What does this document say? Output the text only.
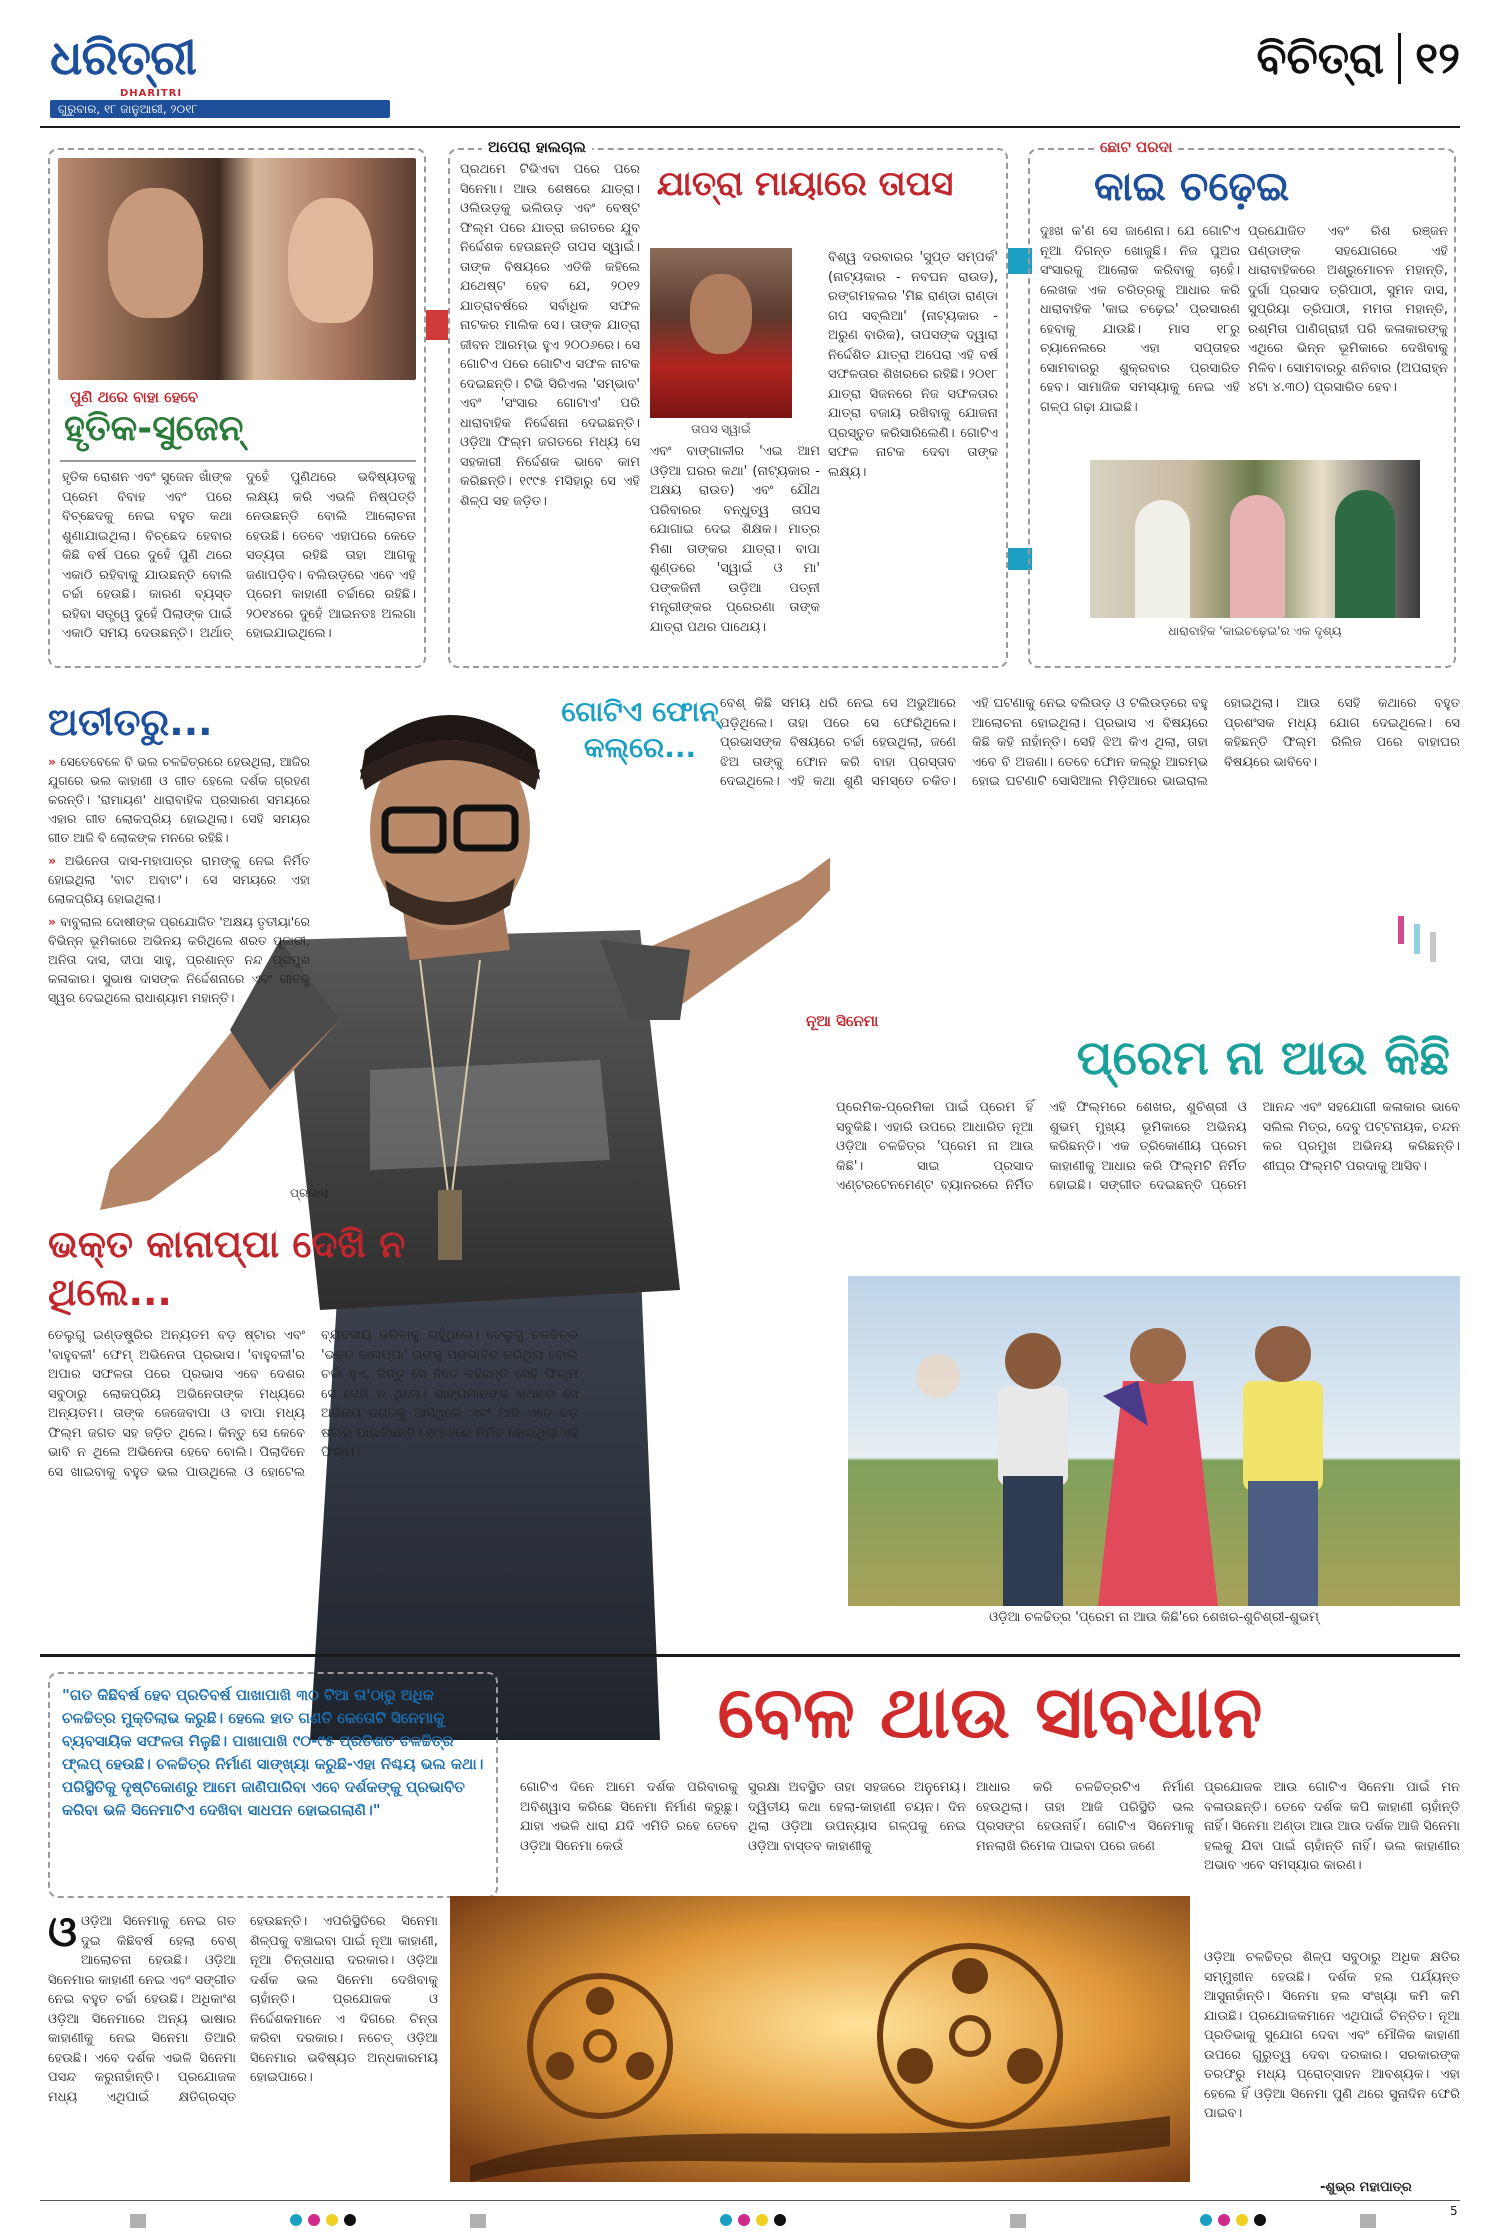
ଧରିତ୍ରୀ
DHARITRI
ଗୁରୁବାର, ୧୮ ଜାନୁଆରୀ, ୨୦୧୮
ବିଚିତ୍ରା ୧୨
ପୁଣି ଥରେ ବାହା ହେବେ
ହୃତିକ-ସୁଜେନ୍
ହୃତିକ ରୋଶନ ଏବଂ ସୁଜେନ ଖାଁଙ୍କ ପ୍ରେମ ବିବାହ ଏବଂ ପରେ ବିଚ୍ଛେଦକୁ ନେଇ ବହୁତ କଥା ଶୁଣାଯାଇଥିଲା। ବିଚ୍ଛେଦ ହେବାର କିଛି ବର୍ଷ ପରେ ଦୁହେଁ ପୁଣି ଥରେ ଏକାଠି ରହିବାକୁ ଯାଉଛନ୍ତି ବୋଲି ଚର୍ଚ୍ଚା ହେଉଛି। କାରଣ ବ୍ୟସ୍ତ ରହିବା ସତ୍ତ୍ୱେ ଦୁହେଁ ପିଲାଙ୍କ ପାଇଁ ଏକାଠି ସମୟ ଦେଉଛନ୍ତି। ଅର୍ଥାତ୍ ଦୁହେଁ ପୁଣିଥରେ ଭବିଷ୍ୟତକୁ ଲକ୍ଷ୍ୟ କରି ଏଭଳି ନିଷ୍ପତ୍ତି ନେଉଛନ୍ତି ବୋଲି ଆଲୋଚନା ହେଉଛି। ତେବେ ଏହାପରେ କେତେ ସତ୍ୟତା ରହିଛି ତାହା ଆଗକୁ ଜଣାପଡ଼ିବ। ବଲିଉଡ଼ରେ ଏବେ ଏହି ପ୍ରେମ କାହାଣୀ ଚର୍ଚ୍ଚାରେ ରହିଛି। ୨୦୧୪ରେ ଦୁହେଁ ଆଇନତଃ ଅଲଗା ହୋଇଯାଇଥିଲେ।
ଅପେରା ହାଲଚାଲ
ଯାତ୍ରା ମାୟାରେ ତାପସ
ପ୍ରଥମେ ଟିଭିଏବା ପରେ ପରେ ସିନେମା। ଆଉ ଶେଷରେ ଯାତ୍ରା। ଓଲିଉଡ଼କୁ ଭଲିଉଡ଼ ଏବଂ ବେଷ୍ଟ ଫିଲ୍ମ ପରେ ଯାତ୍ରା ଜଗତରେ ଯୁବ ନିର୍ଦ୍ଦେଶକ ହେଉଛନ୍ତି ତାପସ ସ୍ୱାଇଁ। ତାଙ୍କ ବିଷୟରେ ଏତିକି କହିଲେ ଯଥେଷ୍ଟ ହେବ ଯେ, ୨୦୧୨ ଯାତ୍ରାବର୍ଷରେ ସର୍ବାଧିକ ସଫଳ ନାଟକର ମାଲିକ ସେ। ତାଙ୍କ ଯାତ୍ରା ଜୀବନ ଆରମ୍ଭ ହୁଏ ୨୦୦୬ରେ। ସେ ଗୋଟିଏ ପରେ ଗୋଟିଏ ସଫଳ ନାଟକ ଦେଇଛନ୍ତି। ଟିଭି ସିରିଏଲ 'ସମ୍ଭାବ' ଏବଂ 'ସଂସାର ଗୋଟାଏ' ପରି ଧାରାବାହିକ ନିର୍ଦ୍ଦେଶନା ଦେଇଛନ୍ତି। ଓଡ଼ିଆ ଫିଲ୍ମ ଜଗତରେ ମଧ୍ୟ ସେ ସହକାରୀ ନିର୍ଦ୍ଦେଶକ ଭାବେ କାମ କରିଛନ୍ତି। ୧୯୯୫ ମସିହାରୁ ସେ ଏହି ଶିଳ୍ପ ସହ ଜଡ଼ିତ।
ତାପସ ସ୍ୱାଇଁ
ଏବଂ ବାଙ୍ଗାଳୀର 'ଏଇ ଆମ ଓଡ଼ିଆ ଘରର କଥା' (ନାଟ୍ୟକାର - ଅକ୍ଷୟ ରାଉତ) ଏବଂ ଯୌଥ ପରିବାରର ବନ୍ଧୁତ୍ୱ ତାପସ ଯୋଗାଇ ଦେଇ ଶିକ୍ଷକ। ମାତ୍ର ମିଶା ତାଙ୍କର ଯାତ୍ରା। ବାପା ଶୁଣ୍ଡରେ 'ସ୍ୱାଇଁ ଓ ମା' ପଙ୍କଜିନୀ ଉଡ଼ିଆ ପତ୍ନୀ ମନ୍ତ୍ରୀଙ୍କର ପ୍ରେରଣା ତାଙ୍କ ଯାତ୍ରା ପଥର ପାଥେୟ।
ବିଶ୍ୱ ଦରବାରର 'ସୁପ୍ତ ସମ୍ପର୍କ' (ନାଟ୍ୟକାର - ନବଘନ ରାଉତ), ରଙ୍ଗମହଲର 'ମିଛ ରାଣ୍ଡା ରାଣ୍ଡା ଗପ ସବ୍ଲିଆ' (ନାଟ୍ୟକାର - ଅରୁଣ ବାରିକ), ତାପସଙ୍କ ଦ୍ୱାରା ନିର୍ଦ୍ଦେଶିତ ଯାତ୍ରା ଅପେରା ଏହି ବର୍ଷ ସଫଳତାର ଶିଖରରେ ରହିଛି। ୨୦୧୮ ଯାତ୍ରା ସିଜନରେ ନିଜ ସଫଳତାର ଯାତ୍ରା ବଜାୟ ରଖିବାକୁ ଯୋଜନା ପ୍ରସ୍ତୁତ କରିସାରିଲେଣି। ଗୋଟିଏ ସଫଳ ନାଟକ ଦେବା ତାଙ୍କ ଲକ୍ଷ୍ୟ।
ଛୋଟ ପରଦା
କାଇ ଚଢ଼େଇ
ଦୁଃଖ କ'ଣ ସେ ଜାଣେନା। ଯେ ଗୋଟିଏ ନୂଆ ଦିଗନ୍ତ ଖୋଜୁଛି। ନିଜ ପୁଅର ସଂସାରକୁ ଆଲୋକ କରିବାକୁ ଚାହେଁ। ଲେଖକ ଏକ ଚରିତ୍ରକୁ ଆଧାର କରି ଧାରାବାହିକ 'କାଇ ଚଢ଼େଇ' ପ୍ରସାରଣ ହେବାକୁ ଯାଉଛି। ମାସ ୧୮ରୁ ଚ୍ୟାନେଲରେ ଏହା ସପ୍ତାହର ସୋମବାରରୁ ଶୁକ୍ରବାର ପ୍ରସାରିତ ହେବ। ସାମାଜିକ ସମସ୍ୟାକୁ ନେଇ ଏହି ଗଳ୍ପ ଗଢ଼ା ଯାଇଛି।
ପ୍ରଯୋଜିତ ଏବଂ ରିଶ ରଞ୍ଜନ ପଣ୍ଡାଙ୍କ ସହଯୋଗରେ ଏହି ଧାରାବାହିକରେ ଅଶ୍ରୁମୋଚନ ମହାନ୍ତି, ଦୁର୍ଗା ପ୍ରସାଦ ତ୍ରିପାଠୀ, ସୁମନ ଦାସ, ସୁପ୍ରିୟା ତ୍ରିପାଠୀ, ମମତା ମହାନ୍ତି, ରଶ୍ମିତା ପାଣିଗ୍ରାହୀ ପରି କଳାକାରଙ୍କୁ ଏଥିରେ ଭିନ୍ନ ଭୂମିକାରେ ଦେଖିବାକୁ ମିଳିବ। ସୋମବାରରୁ ଶନିବାର (ଅପରାହ୍ନ ୪ଟା ୪.୩୦) ପ୍ରସାରିତ ହେବ।
ଧାରାବାହିକ 'କାଇଚଢ଼େଇ'ର ଏକ ଦୃଶ୍ୟ
ଅତୀତରୁ...

» ସେତେବେଳେ ବି ଭଲ ଚଳଚ୍ଚିତ୍ରରେ ହେଉଥିଲା, ଆଜିର ଯୁଗରେ ଭଲ କାହାଣୀ ଓ ଗୀତ ହେଲେ ଦର୍ଶକ ଗ୍ରହଣ କରନ୍ତି। 'ରାମାୟଣ' ଧାରାବାହିକ ପ୍ରସାରଣ ସମୟରେ ଏହାର ଗୀତ ଲୋକପ୍ରିୟ ହୋଇଥିଲା। ସେହି ସମୟର ଗୀତ ଆଜି ବି ଲୋକଙ୍କ ମନରେ ରହିଛି।

» ଅଭିନେତା ଦାସ-ମହାପାତ୍ର ରାମଙ୍କୁ ନେଇ ନିର୍ମିତ ହୋଇଥିଲା 'ବାଟ ଅବାଟ'। ସେ ସମୟରେ ଏହା ଲୋକପ୍ରିୟ ହୋଇଥିଲା।

» ବାବୁଲାଲ ଦୋଷୀଙ୍କ ପ୍ରଯୋଜିତ 'ଅକ୍ଷୟ ତୃତୀୟା'ରେ ବିଭିନ୍ନ ଭୂମିକାରେ ଅଭିନୟ କରିଥିଲେ ଶରତ ପୂଜାରୀ, ଅନିତା ଦାସ, ଦୀପା ସାହୁ, ପ୍ରଶାନ୍ତ ନନ୍ଦ ପ୍ରମୁଖ କଳାକାର। ସୁଭାଷ ଦାସଙ୍କ ନିର୍ଦ୍ଦେଶନାରେ ଏବଂ ଗୀତକୁ ସ୍ୱର ଦେଇଥିଲେ ରାଧାଶ୍ୟାମ ମହାନ୍ତି।

ଗୋଟିଏ ଫୋନ୍ କଲ୍‌ରେ...
ବେଶ୍ କିଛି ସମୟ ଧରି ନେଇ ସେ ଅଭୁଆରେ ପଡ଼ିଥିଲେ। ତାହା ପରେ ସେ ଫେରିଥିଲେ। ପ୍ରଭାସଙ୍କ ବିଷୟରେ ଚର୍ଚ୍ଚା ହେଉଥିଲା, ଜଣେ ଝିଅ ତାଙ୍କୁ ଫୋନ କରି ବାହା ପ୍ରସ୍ତାବ ଦେଇଥିଲେ। ଏହି କଥା ଶୁଣି ସମସ୍ତେ ଚକିତ। ଏହି ଘଟଣାକୁ ନେଇ ବଲିଉଡ଼ ଓ ଟଲିଉଡ଼ରେ ବହୁ ଆଲୋଚନା ହୋଇଥିଲା। ପ୍ରଭାସ ଏ ବିଷୟରେ କିଛି କହି ନାହାଁନ୍ତି। ସେହି ଝିଅ କିଏ ଥିଲା, ତାହା ଏବେ ବି ଅଜଣା। ତେବେ ଫୋନ କଲ୍‌ରୁ ଆରମ୍ଭ ହୋଇ ଘଟଣାଟି ସୋସିଆଲ ମିଡ଼ିଆରେ ଭାଇରାଲ ହୋଇଥିଲା। ଆଉ ସେହି କଥାରେ ବହୁତ ପ୍ରଶଂସକ ମଧ୍ୟ ଯୋଗ ଦେଇଥିଲେ। ସେ କହିଛନ୍ତି ଫିଲ୍ମ ରିଲିଜ ପରେ ବାହାଘର ବିଷୟରେ ଭାବିବେ।
ପ୍ରଭାସ
ଭକ୍ତ କାନାପ୍ପା ଦେଖି ନ ଥିଲେ...
ତେଲୁଗୁ ଇଣ୍ଡଷ୍ଟ୍ରିର ଅନ୍ୟତମ ବଡ଼ ଷ୍ଟାର ଏବଂ 'ବାହୁବଳୀ' ଫେମ୍ ଅଭିନେତା ପ୍ରଭାସ। 'ବାହୁବଳୀ'ର ଅପାର ସଫଳତା ପରେ ପ୍ରଭାସ ଏବେ ଦେଶର ସବୁଠାରୁ ଲୋକପ୍ରିୟ ଅଭିନେତାଙ୍କ ମଧ୍ୟରେ ଅନ୍ୟତମ। ତାଙ୍କ ଜେଜେବାପା ଓ ବାପା ମଧ୍ୟ ଫିଲ୍ମ ଜଗତ ସହ ଜଡ଼ିତ ଥିଲେ। କିନ୍ତୁ ସେ କେବେ ଭାବି ନ ଥିଲେ ଅଭିନେତା ହେବେ ବୋଲି। ପିଲାଦିନେ ସେ ଖାଇବାକୁ ବହୁତ ଭଲ ପାଉଥିଲେ ଓ ହୋଟେଲ ବ୍ୟବସାୟ କରିବାକୁ ଚାହୁଁଥିଲେ। ତେଲୁଗୁ ଚଳଚ୍ଚିତ୍ର 'ଭକ୍ତ କାନାପ୍ପା' ତାଙ୍କୁ ପ୍ରଭାବିତ କରିଥିଲା ବୋଲି ଚର୍ଚ୍ଚା ହୁଏ, କିନ୍ତୁ ସେ ନିଜେ କହିଛନ୍ତି ସେହି ଫିଲ୍ମ ସେ ଦେଖି ନ ଥିଲେ। ସାଙ୍ଗମାନଙ୍କ କଥାରେ ସେ ଅଭିନୟ ଜଗତକୁ ଆସିଥିଲେ ଏବଂ ଆଜି ଏତେ ବଡ଼ ଷ୍ଟାର ପାଲଟିଛନ୍ତି। ୧୯୭୬ରେ ନିର୍ମିତ ହୋଇଥିଲା ଏହି ଫିଲ୍ମ।
ନୂଆ ସିନେମା
ପ୍ରେମ ନା ଆଉ କିଛି
ପ୍ରେମିକ-ପ୍ରେମିକା ପାଇଁ ପ୍ରେମ ହିଁ ସବୁକିଛି। ଏହାରି ଉପରେ ଆଧାରିତ ନୂଆ ଓଡ଼ିଆ ଚଳଚ୍ଚିତ୍ର 'ପ୍ରେମ ନା ଆଉ କିଛି'। ସାଇ ପ୍ରସାଦ ଏଣ୍ଟରଟେନମେଣ୍ଟ ବ୍ୟାନରରେ ନିର୍ମିତ ଏହି ଫିଲ୍ମରେ ଶେଖର, ଶୁଚିଶ୍ରୀ ଓ ଶୁଭମ୍ ମୁଖ୍ୟ ଭୂମିକାରେ ଅଭିନୟ କରିଛନ୍ତି। ଏକ ତ୍ରିକୋଣୀୟ ପ୍ରେମ କାହାଣୀକୁ ଆଧାର କରି ଫିଲ୍ମଟି ନିର୍ମିତ ହୋଇଛି। ସଙ୍ଗୀତ ଦେଇଛନ୍ତି ପ୍ରେମ ଆନନ୍ଦ ଏବଂ ସହଯୋଗୀ କଳାକାର ଭାବେ ସଲିଲ ମିତ୍ର, ଦେବୁ ପଟ୍ଟନାୟକ, ଚନ୍ଦନ କର ପ୍ରମୁଖ ଅଭିନୟ କରିଛନ୍ତି। ଶୀଘ୍ର ଫିଲ୍ମଟି ପରଦାକୁ ଆସିବ।
ଓଡ଼ିଆ ଚଳଚ୍ଚିତ୍ର 'ପ୍ରେମ ନା ଆଉ କିଛି'ରେ ଶେଖର-ଶୁଚିଶ୍ରୀ-ଶୁଭମ୍
"ଗତ କିଛିବର୍ଷ ହେବ ପ୍ରତିବର୍ଷ ପାଖାପାଖି ୩୦ ଟିଆ ତା'ଠାରୁ ଅଧିକ ଚଳଚ୍ଚିତ୍ର ମୁକ୍ତିଲାଭ କରୁଛି। ହେଲେ ହାତ ଗଣତି କେତୋଟି ସିନେମାକୁ ବ୍ୟବସାୟିକ ସଫଳତା ମିଳୁଛି। ପାଖାପାଖି ୯୦-୯୫ ପ୍ରତିଶତ ଚଳଚ୍ଚିତ୍ର ଫ୍ଲପ୍ ହେଉଛି। ଚଳଚ୍ଚିତ୍ର ନିର୍ମାଣ ସାଙ୍ଖ୍ୟା କରୁଛି-ଏହା ନିଶ୍ଚୟ ଭଲ କଥା। ପରିସ୍ଥିତିକୁ ଦୃଷ୍ଟିକୋଣରୁ ଆମେ ଜାଣିପାରିବା ଏବେ ଦର୍ଶକଙ୍କୁ ପ୍ରଭାବିତ କରିବା ଭଳି ସିନେମାଟିଏ ଦେଖିବା ସାଧପନ ହୋଇଗଲାଣି।"
ବେଳ ଥାଉ ସାବଧାନ
ଗୋଟିଏ ଦିନେ ଆମେ ଦର୍ଶକ ପରିବାରକୁ ଅବିଶ୍ୱାସ କରିଛେ ସିନେମା ନିର୍ମାଣ କରୁଛୁ। ଯାହା ଏଭଳି ଧାରା ଯଦି ଏମିତି ରହେ ତେବେ ଓଡ଼ିଆ ସିନେମା କେଉଁ
ସୁରକ୍ଷା ଅବସ୍ଥିତ ତାହା ସହଜରେ ଅନୁମେୟ। ଦ୍ୱିତୀୟ କଥା ହେଲା-କାହାଣୀ ଚୟନ। ଦିନ ଥିଲା ଓଡ଼ିଆ ଉପନ୍ୟାସ ଗଳ୍ପକୁ ନେଇ ଓଡ଼ିଆ ବାସ୍ତବ କାହାଣୀକୁ
ଆଧାର କରି ଚଳଚ୍ଚିତ୍ରଟିଏ ନିର୍ମାଣ ହେଉଥିଲା। ତାହା ଆଜି ପରିସ୍ଥିତି ଭଲ ପ୍ରସଙ୍ଗ ହେଉନାହିଁ। ଗୋଟିଏ ସିନେମାକୁ ମନଲାଖି ରିମେକ ପାଇବା ପରେ ଜଣେ
ପ୍ରଯୋଜକ ଆଉ ଗୋଟିଏ ସିନେମା ପାଇଁ ମନ ବଳାଉଛନ୍ତି। ତେବେ ଦର୍ଶକ କପି କାହାଣୀ ଚାହାଁନ୍ତି ନାହିଁ। ସିନେମା ଅଣ୍ଡା ଆଉ ଆଉ ଦର୍ଶକ ଆଜି ସିନେମା ହଲକୁ ଯିବା ପାଇଁ ଚାହାଁନ୍ତି ନାହିଁ। ଭଲ କାହାଣୀର ଅଭାବ ଏବେ ସମସ୍ୟାର କାରଣ।
ଓଓଡ଼ିଆ ସିନେମାକୁ ନେଇ ଗତ ଦୁଇ କିଛିବର୍ଷ ହେଲା ବେଶ୍ ଆଲୋଚନା ହେଉଛି। ଓଡ଼ିଆ ସିନେମାର କାହାଣୀ ନେଇ ଏବଂ ସଙ୍ଗୀତ ନେଇ ବହୁତ ଚର୍ଚ୍ଚା ହେଉଛି। ଅଧିକାଂଶ ଓଡ଼ିଆ ସିନେମାରେ ଅନ୍ୟ ଭାଷାର କାହାଣୀକୁ ନେଇ ସିନେମା ତିଆରି ହେଉଛି। ଏବେ ଦର୍ଶକ ଏଭଳି ସିନେମା ପସନ୍ଦ କରୁନାହାଁନ୍ତି। ପ୍ରଯୋଜକ ମଧ୍ୟ ଏଥିପାଇଁ କ୍ଷତିଗ୍ରସ୍ତ ହେଉଛନ୍ତି। ଏପରିସ୍ଥିତିରେ ସିନେମା ଶିଳ୍ପକୁ ବଞ୍ଚାଇବା ପାଇଁ ନୂଆ କାହାଣୀ, ନୂଆ ଚିନ୍ତାଧାରା ଦରକାର। ଓଡ଼ିଆ ଦର୍ଶକ ଭଲ ସିନେମା ଦେଖିବାକୁ ଚାହାଁନ୍ତି। ପ୍ରଯୋଜକ ଓ ନିର୍ଦ୍ଦେଶକମାନେ ଏ ଦିଗରେ ଚିନ୍ତା କରିବା ଦରକାର। ନଚେତ୍ ଓଡ଼ିଆ ସିନେମାର ଭବିଷ୍ୟତ ଅନ୍ଧକାରମୟ ହୋଇପାରେ।
ଓଡ଼ିଆ ଚଳଚ୍ଚିତ୍ର ଶିଳ୍ପ ସବୁଠାରୁ ଅଧିକ କ୍ଷତିର ସମ୍ମୁଖୀନ ହେଉଛି। ଦର୍ଶକ ହଲ ପର୍ଯ୍ୟନ୍ତ ଆସୁନାହାଁନ୍ତି। ସିନେମା ହଲ ସଂଖ୍ୟା କମି କମି ଯାଉଛି। ପ୍ରଯୋଜକମାନେ ଏଥିପାଇଁ ଚିନ୍ତିତ। ନୂଆ ପ୍ରତିଭାକୁ ସୁଯୋଗ ଦେବା ଏବଂ ମୌଳିକ କାହାଣୀ ଉପରେ ଗୁରୁତ୍ୱ ଦେବା ଦରକାର। ସରକାରଙ୍କ ତରଫରୁ ମଧ୍ୟ ପ୍ରୋତ୍ସାହନ ଆବଶ୍ୟକ। ଏହା ହେଲେ ହିଁ ଓଡ଼ିଆ ସିନେମା ପୁଣି ଥରେ ସୁନାଦିନ ଫେରି ପାଇବ।
-ଶୁଭ୍ର ମହାପାତ୍ର
5
